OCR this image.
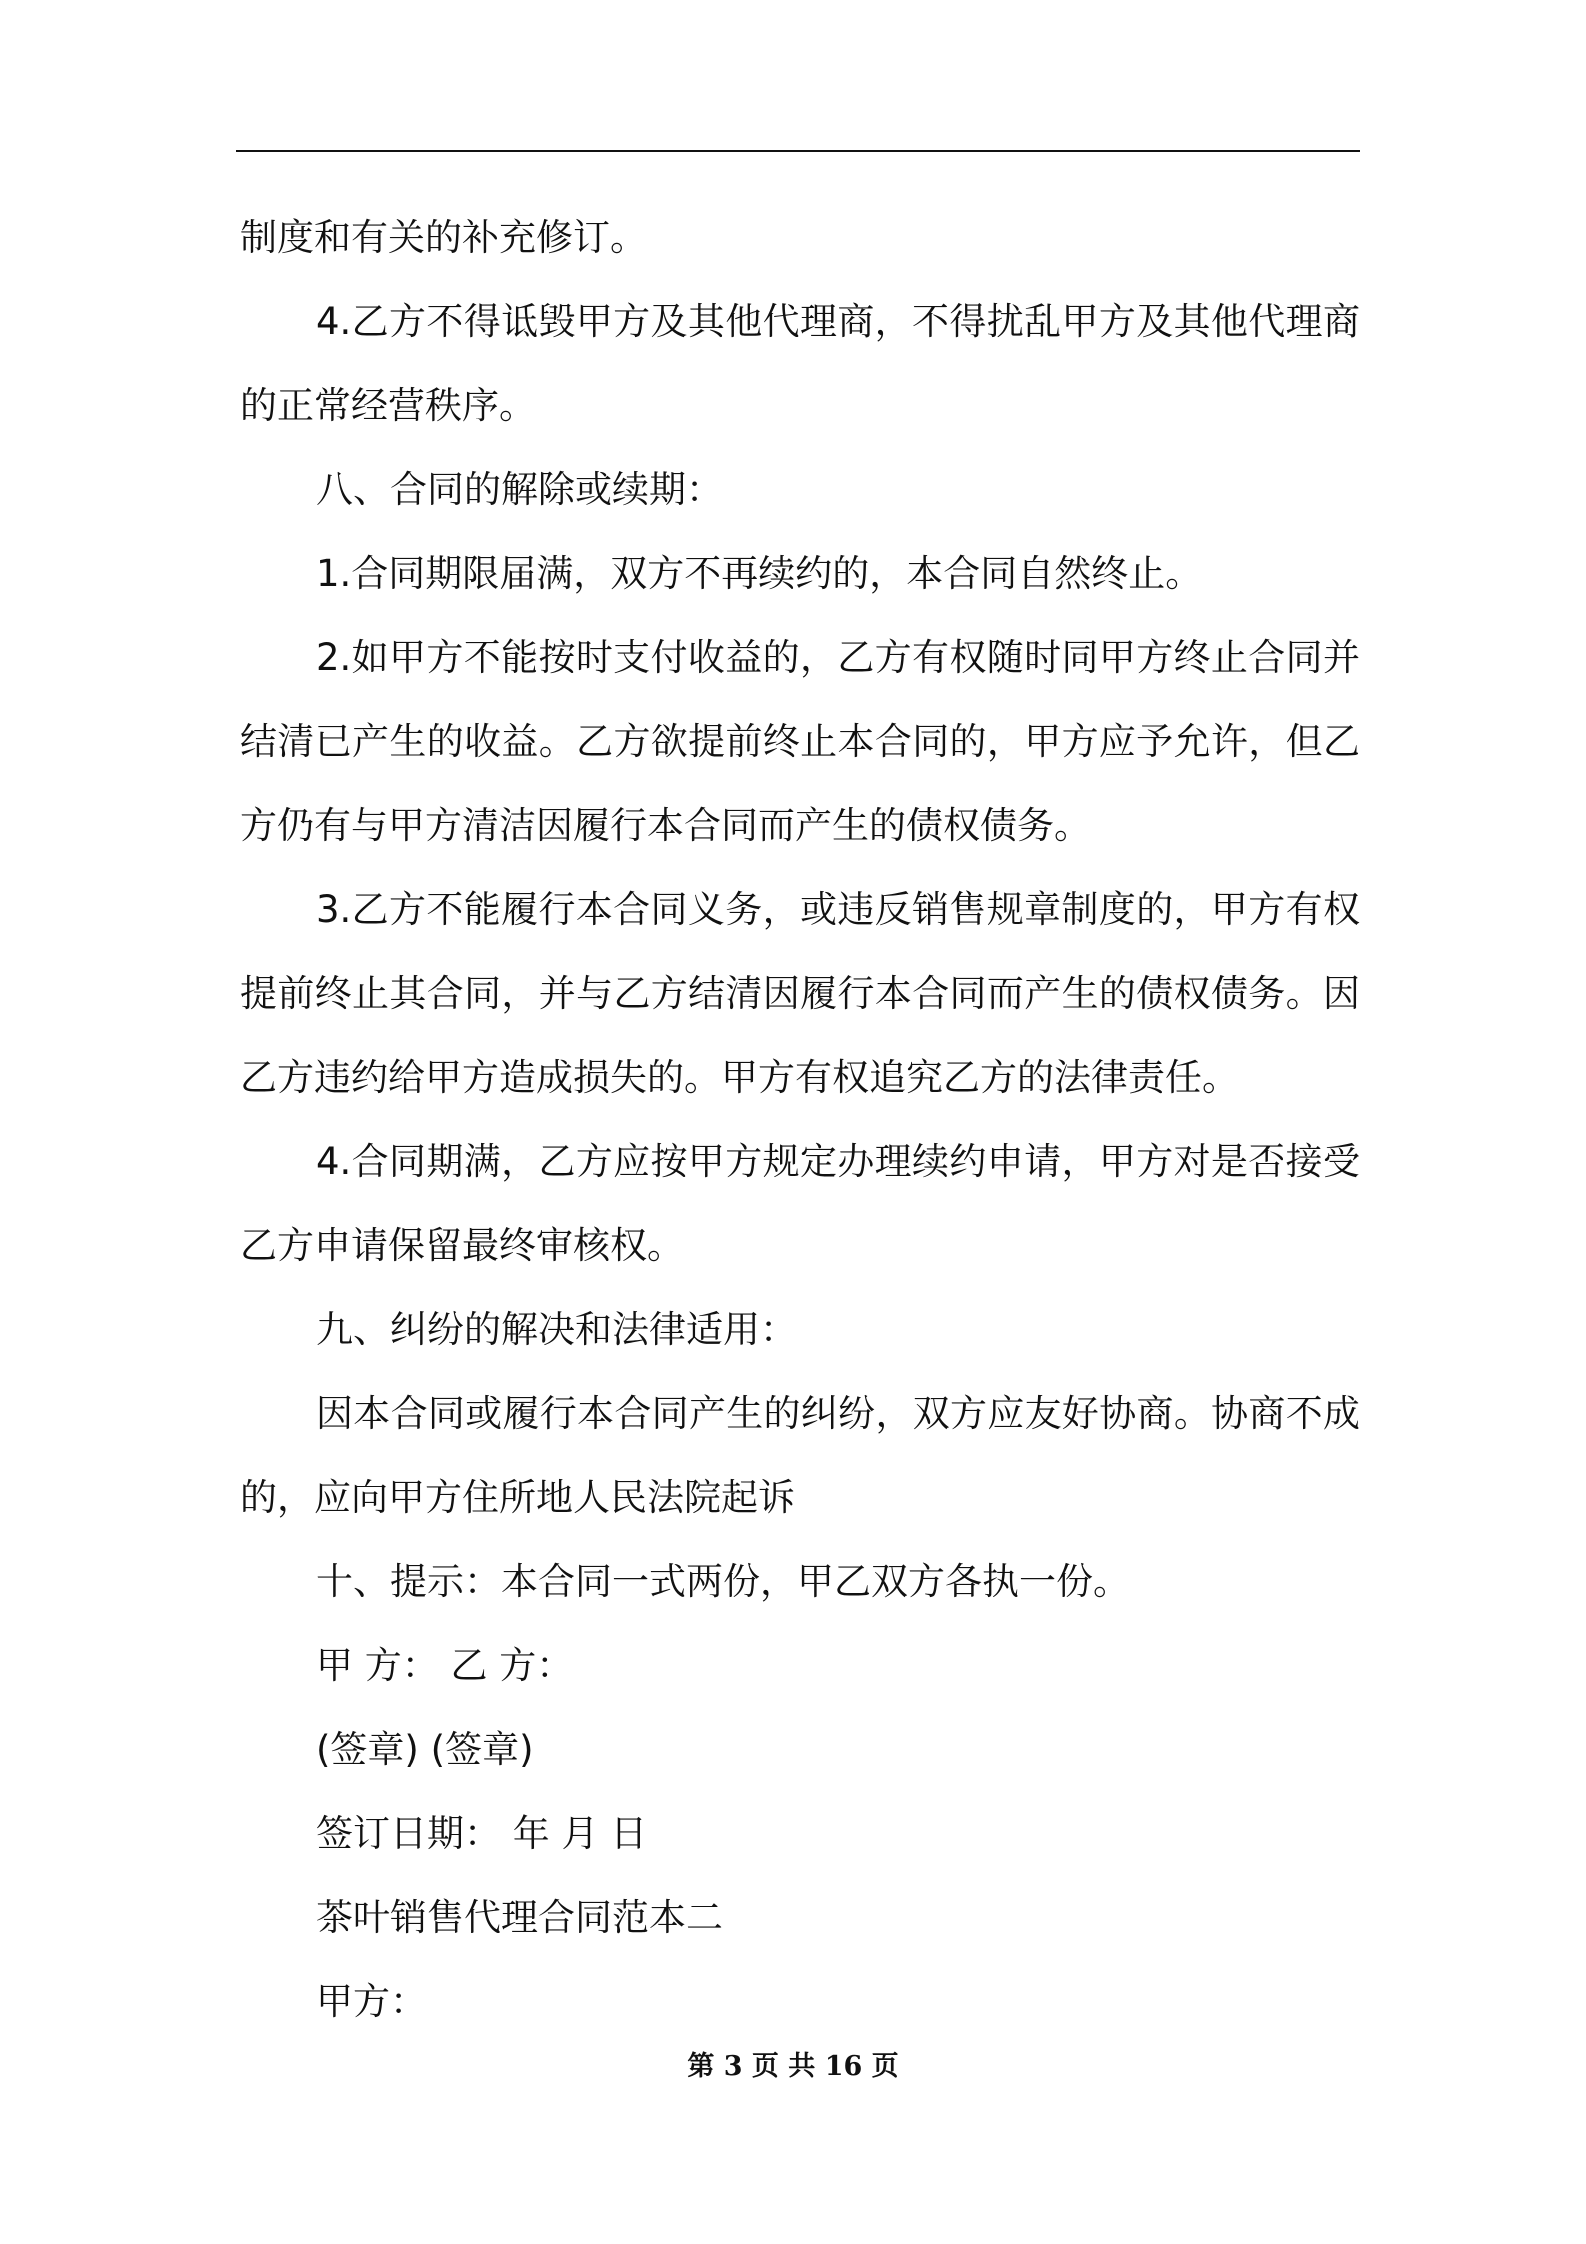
制度和有关的补充修订。

4.乙方不得诋毁甲方及其他代理商，不得扰乱甲方及其他代理商的正常经营秩序。

八、合同的解除或续期：

1.合同期限届满，双方不再续约的，本合同自然终止。

2.如甲方不能按时支付收益的，乙方有权随时同甲方终止合同并结清已产生的收益。乙方欲提前终止本合同的，甲方应予允许，但乙方仍有与甲方清洁因履行本合同而产生的债权债务。

3.乙方不能履行本合同义务，或违反销售规章制度的，甲方有权提前终止其合同，并与乙方结清因履行本合同而产生的债权债务。因乙方违约给甲方造成损失的。甲方有权追究乙方的法律责任。

4.合同期满，乙方应按甲方规定办理续约申请，甲方对是否接受乙方申请保留最终审核权。

九、纠纷的解决和法律适用：

因本合同或履行本合同产生的纠纷，双方应友好协商。协商不成的，应向甲方住所地人民法院起诉

十、提示：本合同一式两份，甲乙双方各执一份。

甲 方： 乙 方：

(签章) (签章)

签订日期： 年 月 日

茶叶销售代理合同范本二

甲方：

第 3 页 共 16 页
